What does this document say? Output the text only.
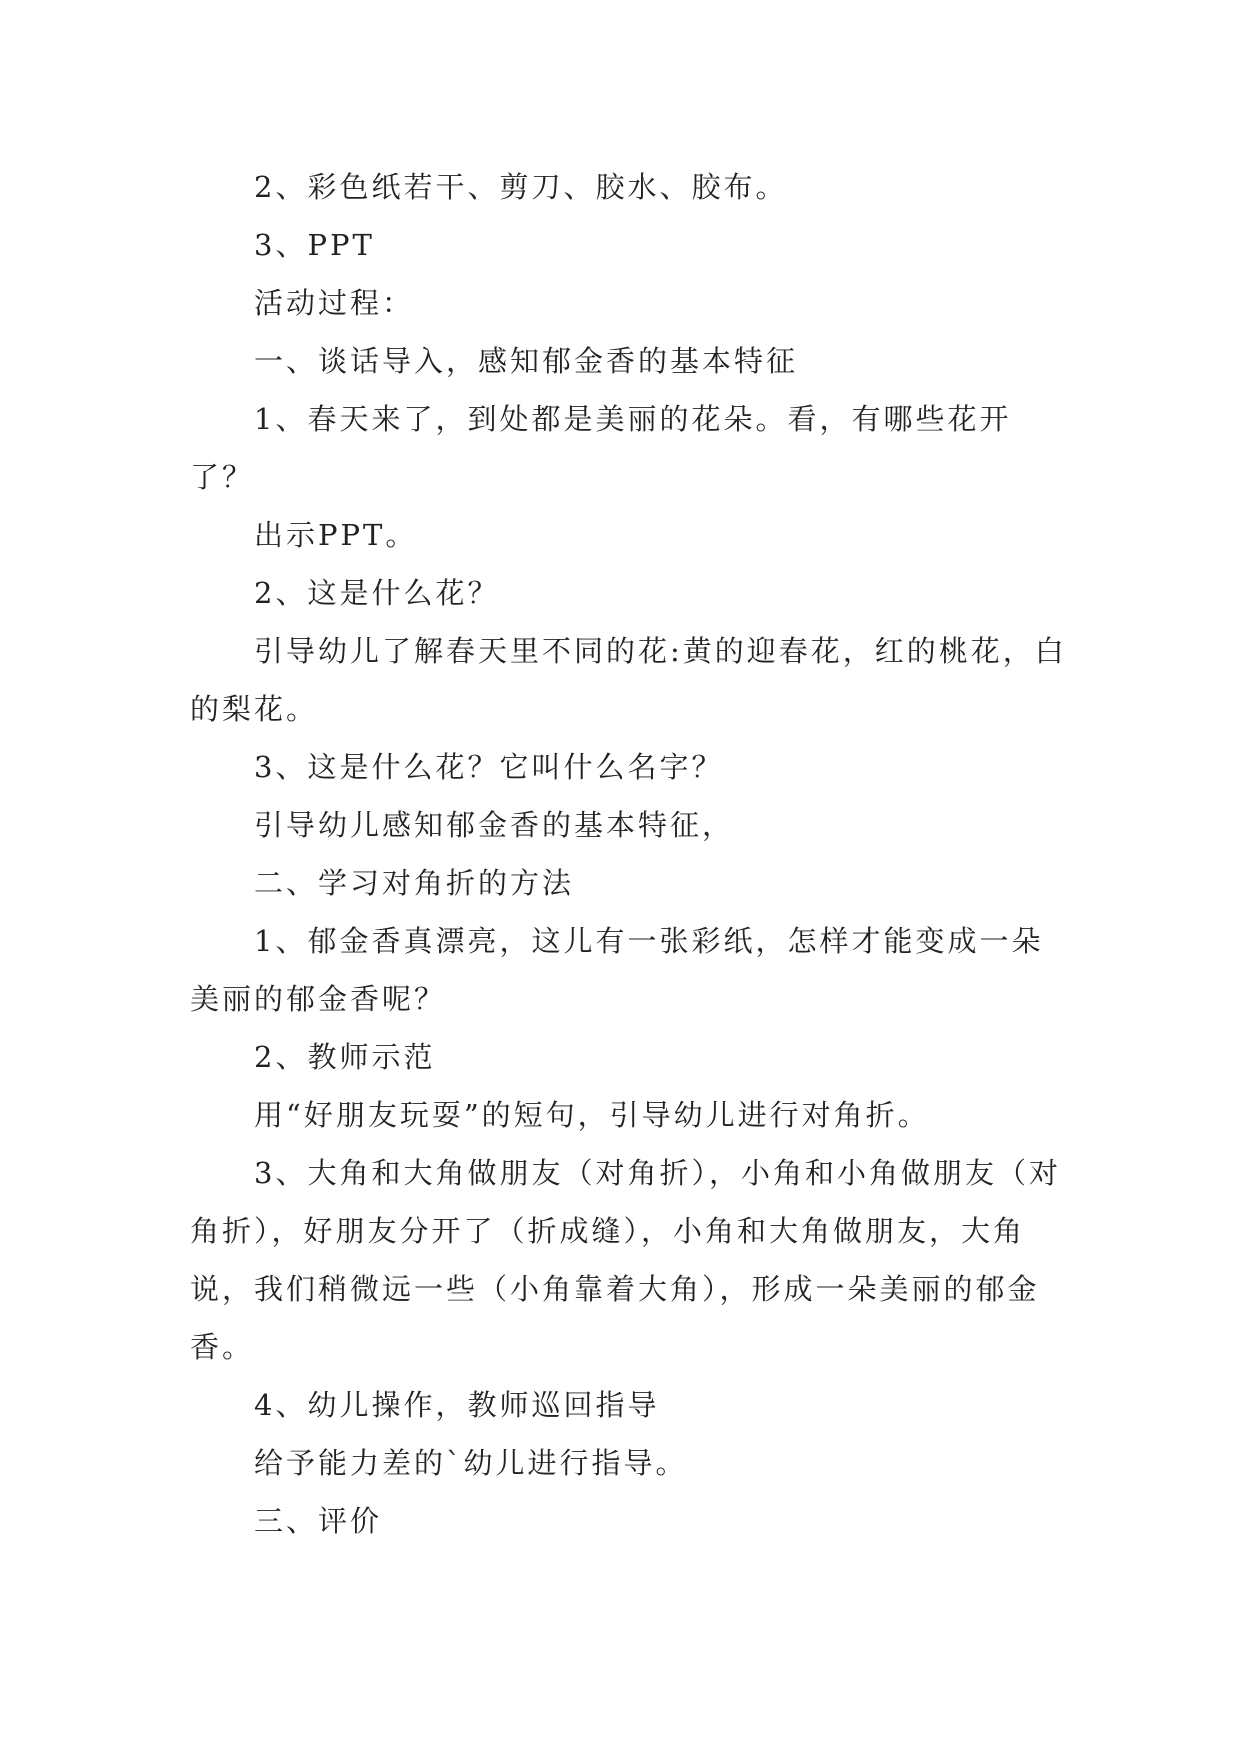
2、彩色纸若干、剪刀、胶水、胶布。

3、PPT

活动过程：

一、谈话导入，感知郁金香的基本特征

1、春天来了，到处都是美丽的花朵。看，有哪些花开了？

出示PPT。

2、这是什么花？

引导幼儿了解春天里不同的花:黄的迎春花，红的桃花，白的梨花。

3、这是什么花？它叫什么名字？

引导幼儿感知郁金香的基本特征，

二、学习对角折的方法

1、郁金香真漂亮，这儿有一张彩纸，怎样才能变成一朵美丽的郁金香呢？

2、教师示范

用“好朋友玩耍”的短句，引导幼儿进行对角折。

3、大角和大角做朋友（对角折），小角和小角做朋友（对角折），好朋友分开了（折成缝），小角和大角做朋友，大角说，我们稍微远一些（小角靠着大角），形成一朵美丽的郁金香。

4、幼儿操作，教师巡回指导

给予能力差的`幼儿进行指导。

三、评价
